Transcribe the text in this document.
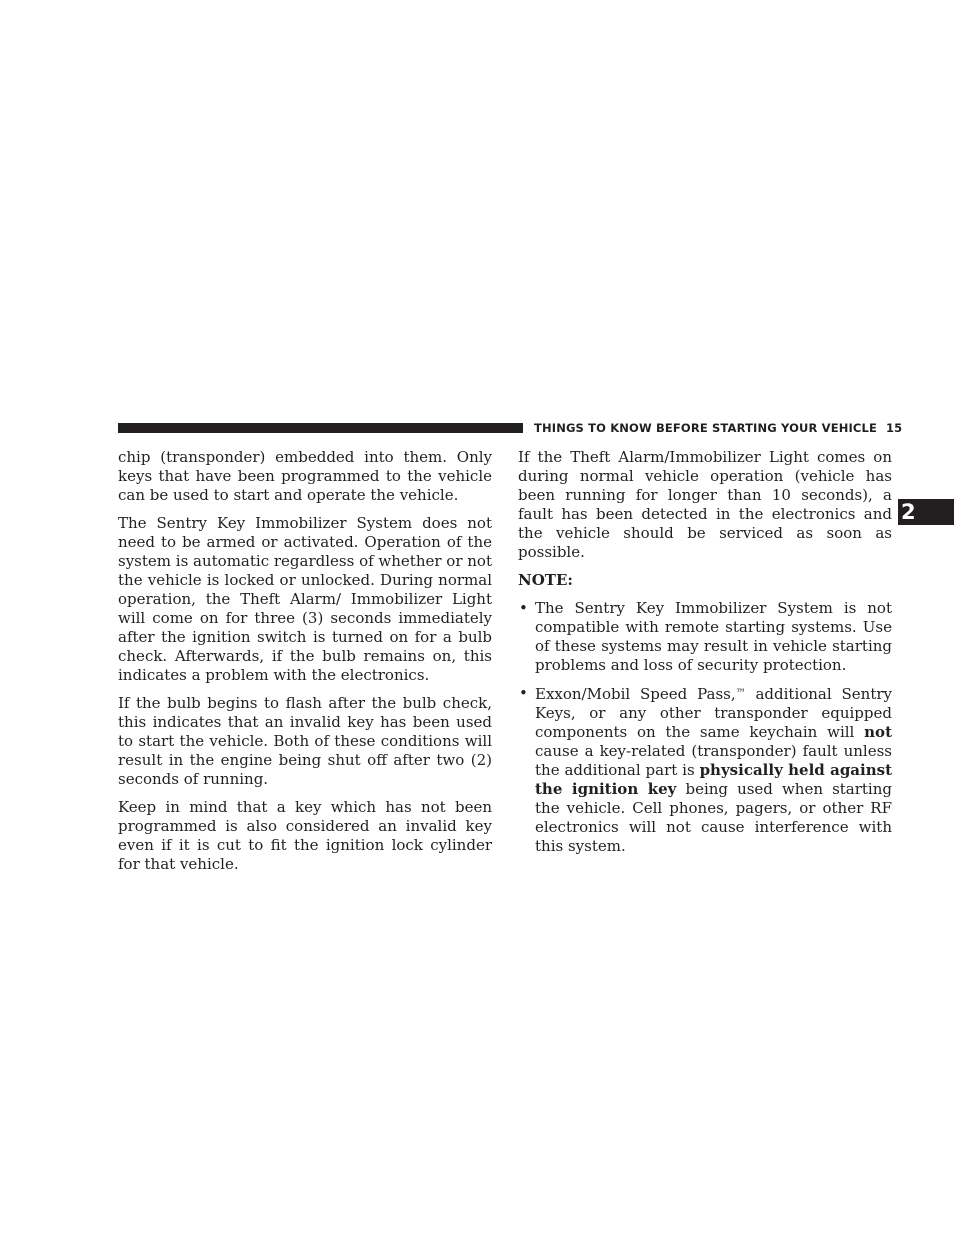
THINGS TO KNOW BEFORE STARTING YOUR VEHICLE 15
2

chip (transponder) embedded into them. Only keys that have been programmed to the vehicle can be used to start and operate the vehicle.

The Sentry Key Immobilizer System does not need to be armed or activated. Operation of the system is automatic regardless of whether or not the vehicle is locked or unlocked. During normal operation, the Theft Alarm/ Immobilizer Light will come on for three (3) seconds immediately after the ignition switch is turned on for a bulb check. Afterwards, if the bulb remains on, this indicates a problem with the electronics.

If the bulb begins to flash after the bulb check, this indicates that an invalid key has been used to start the vehicle. Both of these conditions will result in the engine being shut off after two (2) seconds of running.

Keep in mind that a key which has not been programmed is also considered an invalid key even if it is cut to fit the ignition lock cylinder for that vehicle.

If the Theft Alarm/Immobilizer Light comes on during normal vehicle operation (vehicle has been running for longer than 10 seconds), a fault has been detected in the electronics and the vehicle should be serviced as soon as possible.

NOTE:

• The Sentry Key Immobilizer System is not compatible with remote starting systems. Use of these systems may result in vehicle starting problems and loss of security protection.
• Exxon/Mobil Speed Pass,™ additional Sentry Keys, or any other transponder equipped components on the same keychain will not cause a key-related (transponder) fault unless the additional part is physically held against the ignition key being used when starting the vehicle. Cell phones, pagers, or other RF electronics will not cause interference with this system.
